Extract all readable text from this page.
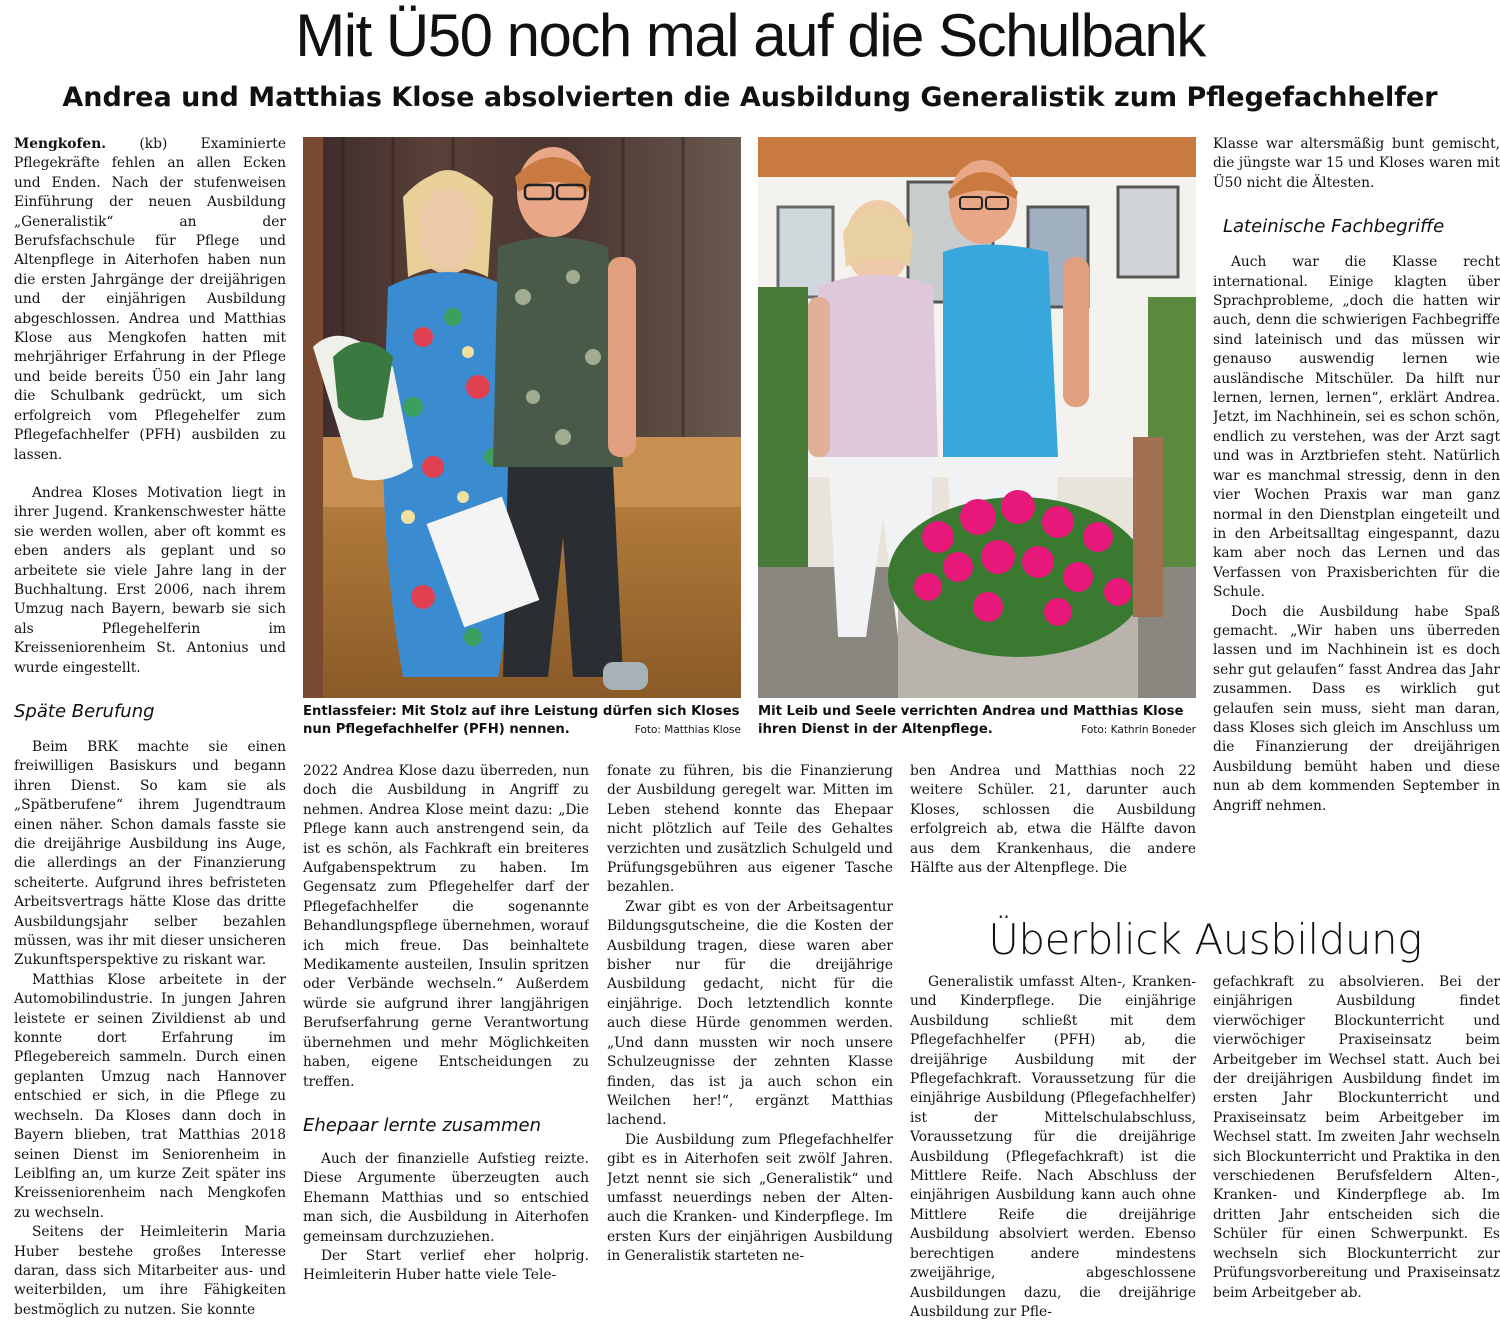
Mit Ü50 noch mal auf die Schulbank
Andrea und Matthias Klose absolvierten die Ausbildung Generalistik zum Pflegefachhelfer

Mengkofen. (kb) Examinierte Pflegekräfte fehlen an allen Ecken und Enden. Nach der stufenweisen Einführung der neuen Ausbildung „Generalistik“ an der Berufsfachschule für Pflege und Altenpflege in Aiterhofen haben nun die ersten Jahrgänge der dreijährigen und der einjährigen Ausbildung abgeschlossen. Andrea und Matthias Klose aus Mengkofen hatten mit mehrjähriger Erfahrung in der Pflege und beide bereits Ü50 ein Jahr lang die Schulbank gedrückt, um sich erfolgreich vom Pflegehelfer zum Pflegefachhelfer (PFH) ausbilden zu lassen.

Andrea Kloses Motivation liegt in ihrer Jugend. Krankenschwester hätte sie werden wollen, aber oft kommt es eben anders als geplant und so arbeitete sie viele Jahre lang in der Buchhaltung. Erst 2006, nach ihrem Umzug nach Bayern, bewarb sie sich als Pflegehelferin im Kreisseniorenheim St. Antonius und wurde eingestellt.

Späte Berufung

Beim BRK machte sie einen freiwilligen Basiskurs und begann ihren Dienst. So kam sie als „Spätberufene“ ihrem Jugendtraum einen näher. Schon damals fasste sie die dreijährige Ausbildung ins Auge, die allerdings an der Finanzierung scheiterte. Aufgrund ihres befristeten Arbeitsvertrags hätte Klose das dritte Ausbildungsjahr selber bezahlen müssen, was ihr mit dieser unsicheren Zukunftsperspektive zu riskant war.

Matthias Klose arbeitete in der Automobilindustrie. In jungen Jahren leistete er seinen Zivildienst ab und konnte dort Erfahrung im Pflegebereich sammeln. Durch einen geplanten Umzug nach Hannover entschied er sich, in die Pflege zu wechseln. Da Kloses dann doch in Bayern blieben, trat Matthias 2018 seinen Dienst im Seniorenheim in Leiblfing an, um kurze Zeit später ins Kreisseniorenheim nach Mengkofen zu wechseln.

Seitens der Heimleiterin Maria Huber bestehe großes Interesse daran, dass sich Mitarbeiter aus- und weiterbilden, um ihre Fähigkeiten bestmöglich zu nutzen. Sie konnte

Foto: Matthias Klose
Entlassfeier: Mit Stolz auf ihre Leistung dürfen sich Kloses nun Pflegefachhelfer (PFH) nennen.	Foto: Kathrin Boneder
Mit Leib und Seele verrichten Andrea und Matthias Klose ihren Dienst in der Altenpflege.

2022 Andrea Klose dazu überreden, nun doch die Ausbildung in Angriff zu nehmen. Andrea Klose meint dazu: „Die Pflege kann auch anstrengend sein, da ist es schön, als Fachkraft ein breiteres Aufgabenspektrum zu haben. Im Gegensatz zum Pflegehelfer darf der Pflegefachhelfer die sogenannte Behandlungspflege übernehmen, worauf ich mich freue. Das beinhaltete Medikamente austeilen, Insulin spritzen oder Verbände wechseln.“ Außerdem würde sie aufgrund ihrer langjährigen Berufserfahrung gerne Verantwortung übernehmen und mehr Möglichkeiten haben, eigene Entscheidungen zu treffen.

Ehepaar lernte zusammen

Auch der finanzielle Aufstieg reizte. Diese Argumente überzeugten auch Ehemann Matthias und so entschied man sich, die Ausbildung in Aiterhofen gemeinsam durchzuziehen.

Der Start verlief eher holprig. Heimleiterin Huber hatte viele Tele-

fonate zu führen, bis die Finanzierung der Ausbildung geregelt war. Mitten im Leben stehend konnte das Ehepaar nicht plötzlich auf Teile des Gehaltes verzichten und zusätzlich Schulgeld und Prüfungsgebühren aus eigener Tasche bezahlen.

Zwar gibt es von der Arbeitsagentur Bildungsgutscheine, die die Kosten der Ausbildung tragen, diese waren aber bisher nur für die dreijährige Ausbildung gedacht, nicht für die einjährige. Doch letztendlich konnte auch diese Hürde genommen werden. „Und dann mussten wir noch unsere Schulzeugnisse der zehnten Klasse finden, das ist ja auch schon ein Weilchen her!“, ergänzt Matthias lachend.

Die Ausbildung zum Pflegefachhelfer gibt es in Aiterhofen seit zwölf Jahren. Jetzt nennt sie sich „Generalistik“ und umfasst neuerdings neben der Alten- auch die Kranken- und Kinderpflege. Im ersten Kurs der einjährigen Ausbildung in Generalistik starteten ne-

ben Andrea und Matthias noch 22 weitere Schüler. 21, darunter auch Kloses, schlossen die Ausbildung erfolgreich ab, etwa die Hälfte davon aus dem Krankenhaus, die andere Hälfte aus der Altenpflege. Die

Klasse war altersmäßig bunt gemischt, die jüngste war 15 und Kloses waren mit Ü50 nicht die Ältesten.

Lateinische Fachbegriffe

Auch war die Klasse recht international. Einige klagten über Sprachprobleme, „doch die hatten wir auch, denn die schwierigen Fachbegriffe sind lateinisch und das müssen wir genauso auswendig lernen wie ausländische Mitschüler. Da hilft nur lernen, lernen, lernen“, erklärt Andrea. Jetzt, im Nachhinein, sei es schon schön, endlich zu verstehen, was der Arzt sagt und was in Arztbriefen steht. Natürlich war es manchmal stressig, denn in den vier Wochen Praxis war man ganz normal in den Dienstplan eingeteilt und in den Arbeitsalltag eingespannt, dazu kam aber noch das Lernen und das Verfassen von Praxisberichten für die Schule.

Doch die Ausbildung habe Spaß gemacht. „Wir haben uns überreden lassen und im Nachhinein ist es doch sehr gut gelaufen“ fasst Andrea das Jahr zusammen. Dass es wirklich gut gelaufen sein muss, sieht man daran, dass Kloses sich gleich im Anschluss um die Finanzierung der dreijährigen Ausbildung bemüht haben und diese nun ab dem kommenden September in Angriff nehmen.

Überblick Ausbildung

Generalistik umfasst Alten-, Kranken- und Kinderpflege. Die einjährige Ausbildung schließt mit dem Pflegefachhelfer (PFH) ab, die dreijährige Ausbildung mit der Pflegefachkraft. Voraussetzung für die einjährige Ausbildung (Pflegefachhelfer) ist der Mittelschulabschluss, Voraussetzung für die dreijährige Ausbildung (Pflegefachkraft) ist die Mittlere Reife. Nach Abschluss der einjährigen Ausbildung kann auch ohne Mittlere Reife die dreijährige Ausbildung absolviert werden. Ebenso berechtigen andere mindestens zweijährige, abgeschlossene Ausbildungen dazu, die dreijährige Ausbildung zur Pfle-

gefachkraft zu absolvieren. Bei der einjährigen Ausbildung findet vierwöchiger Blockunterricht und vierwöchiger Praxiseinsatz beim Arbeitgeber im Wechsel statt. Auch bei der dreijährigen Ausbildung findet im ersten Jahr Blockunterricht und Praxiseinsatz beim Arbeitgeber im Wechsel statt. Im zweiten Jahr wechseln sich Blockunterricht und Praktika in den verschiedenen Berufsfeldern Alten-, Kranken- und Kinderpflege ab. Im dritten Jahr entscheiden sich die Schüler für einen Schwerpunkt. Es wechseln sich Blockunterricht zur Prüfungsvorbereitung und Praxiseinsatz beim Arbeitgeber ab.
